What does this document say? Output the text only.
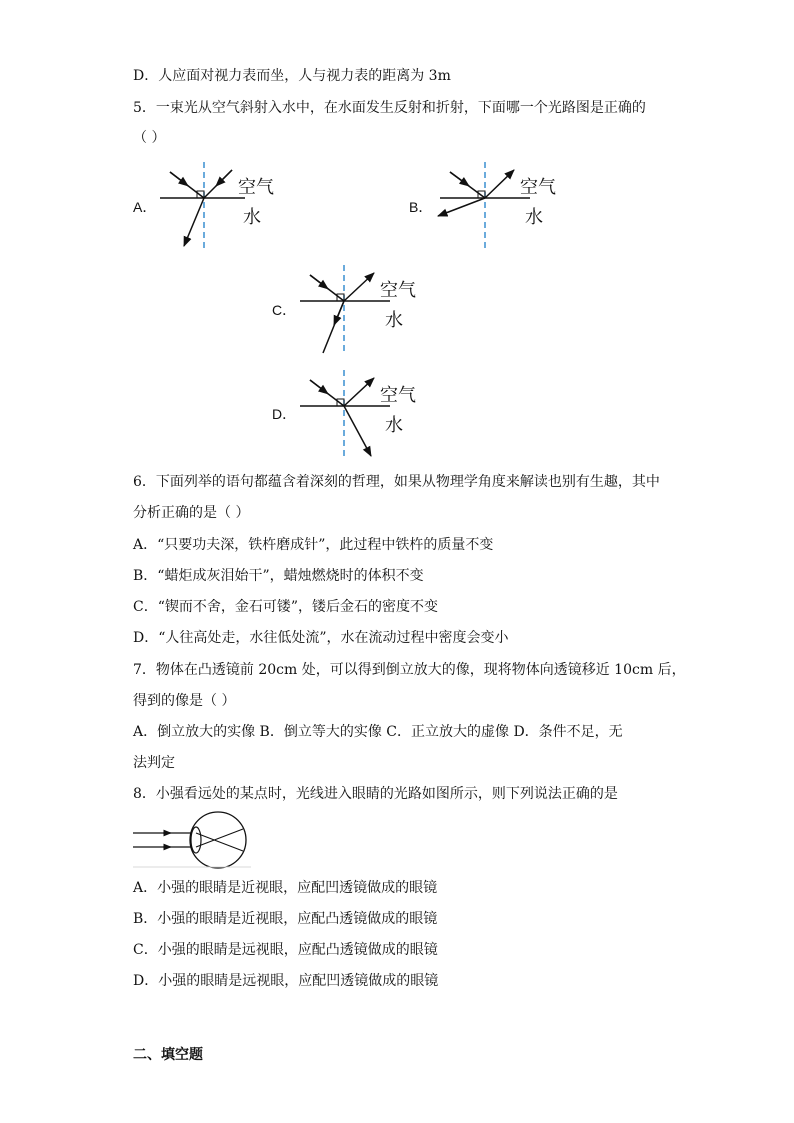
D．人应面对视力表而坐，人与视力表的距离为 3m
5．一束光从空气斜射入水中，在水面发生反射和折射，下面哪一个光路图是正确的
（ ）
A．
空气
水	B．
空气
水
C．
空气
水
D．
空气
水
6．下面列举的语句都蕴含着深刻的哲理，如果从物理学角度来解读也别有生趣，其中
分析正确的是（ ）
A．“只要功夫深，铁杵磨成针”，此过程中铁杵的质量不变
B．“蜡炬成灰泪始干”，蜡烛燃烧时的体积不变
C．“锲而不舍，金石可镂”，镂后金石的密度不变
D．“人往高处走，水往低处流”，水在流动过程中密度会变小
7．物体在凸透镜前 20cm 处，可以得到倒立放大的像，现将物体向透镜移近 10cm 后，
得到的像是（ ）
A．倒立放大的实像 B．倒立等大的实像 C．正立放大的虚像 D．条件不足，无
法判定
8．小强看远处的某点时，光线进入眼睛的光路如图所示，则下列说法正确的是
A．小强的眼睛是近视眼，应配凹透镜做成的眼镜
B．小强的眼睛是近视眼，应配凸透镜做成的眼镜
C．小强的眼睛是远视眼，应配凸透镜做成的眼镜
D．小强的眼睛是远视眼，应配凹透镜做成的眼镜
二、填空题
